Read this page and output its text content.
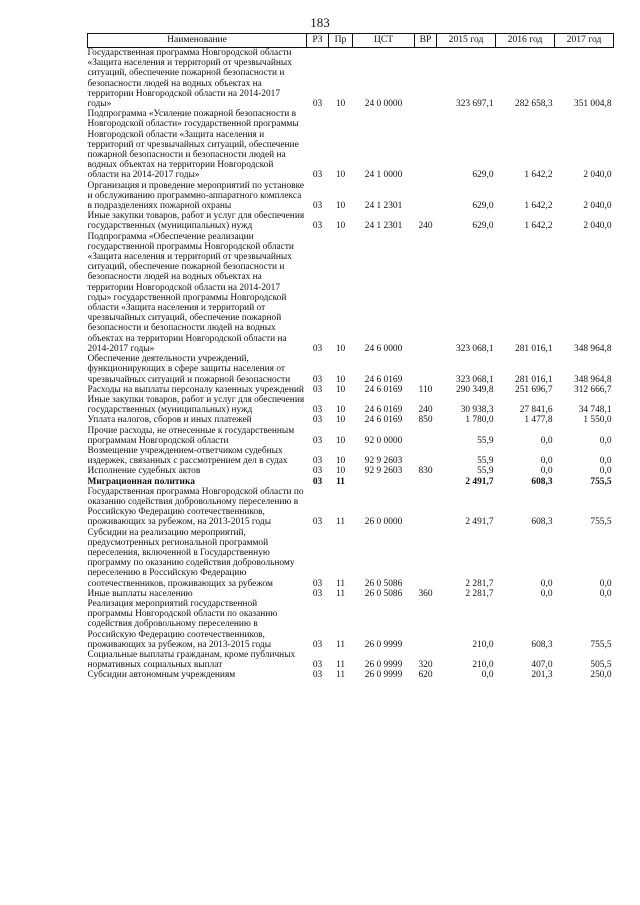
183
Наименование	РЗ	Пр	ЦСТ	ВР	2015 год	2016 год	2017 год
Государственная программа Новгородской области «Защита населения и территорий от чрезвычайных ситуаций, обеспечение пожарной безопасности и безопасности людей на водных объектах на территории Новгородской области на 2014-2017 годы»	03	10	24 0 0000		323 697,1	282 658,3	351 004,8
Подпрограмма «Усиление пожарной безопасности в Новгородской области» государственной программы Новгородской области «Защита населения и территорий от чрезвычайных ситуаций, обеспечение пожарной безопасности и безопасности людей на водных объектах на территории Новгородской области на 2014-2017 годы»	03	10	24 1 0000		629,0	1 642,2	2 040,0
Организация и проведение мероприятий по установке и обслуживанию программно-аппаратного комплекса в подразделениях пожарной охраны	03	10	24 1 2301		629,0	1 642,2	2 040,0
Иные закупки товаров, работ и услуг для обеспечения государственных (муниципальных) нужд	03	10	24 1 2301	240	629,0	1 642,2	2 040,0
Подпрограмма «Обеспечение реализации государственной программы Новгородской области «Защита населения и территорий от чрезвычайных ситуаций, обеспечение пожарной безопасности и безопасности людей на водных объектах на территории Новгородской области на 2014-2017 годы» государственной программы Новгородской области «Защита населения и территорий от чрезвычайных ситуаций, обеспечение пожарной безопасности и безопасности людей на водных объектах на территории Новгородской области на 2014-2017 годы»	03	10	24 6 0000		323 068,1	281 016,1	348 964,8
Обеспечение деятельности учреждений, функционирующих в сфере защиты населения от чрезвычайных ситуаций и пожарной безопасности	03	10	24 6 0169		323 068,1	281 016,1	348 964,8
Расходы на выплаты персоналу казенных учреждений	03	10	24 6 0169	110	290 349,8	251 696,7	312 666,7
Иные закупки товаров, работ и услуг для обеспечения государственных (муниципальных) нужд	03	10	24 6 0169	240	30 938,3	27 841,6	34 748,1
Уплата налогов, сборов и иных платежей	03	10	24 6 0169	850	1 780,0	1 477,8	1 550,0
Прочие расходы, не отнесенные к государственным программам Новгородской области	03	10	92 0 0000		55,9	0,0	0,0
Возмещение учреждением-ответчиком судебных издержек, связанных с рассмотрением дел в судах	03	10	92 9 2603		55,9	0,0	0,0
Исполнение судебных актов	03	10	92 9 2603	830	55,9	0,0	0,0
Миграционная политика	03	11			2 491,7	608,3	755,5
Государственная программа Новгородской области по оказанию содействия добровольному переселению в Российскую Федерацию соотечественников, проживающих за рубежом, на 2013-2015 годы	03	11	26 0 0000		2 491,7	608,3	755,5
Субсидии на реализацию мероприятий, предусмотренных региональной программой переселения, включенной в Государственную программу по оказанию содействия добровольному переселению в Российскую Федерацию соотечественников, проживающих за рубежом	03	11	26 0 5086		2 281,7	0,0	0,0
Иные выплаты населению	03	11	26 0 5086	360	2 281,7	0,0	0,0
Реализация мероприятий государственной программы Новгородской области по оказанию содействия добровольному переселению в Российскую Федерацию соотечественников, проживающих за рубежом, на 2013-2015 годы	03	11	26 0 9999		210,0	608,3	755,5
Социальные выплаты гражданам, кроме публичных нормативных социальных выплат	03	11	26 0 9999	320	210,0	407,0	505,5
Субсидии автономным учреждениям	03	11	26 0 9999	620	0,0	201,3	250,0
